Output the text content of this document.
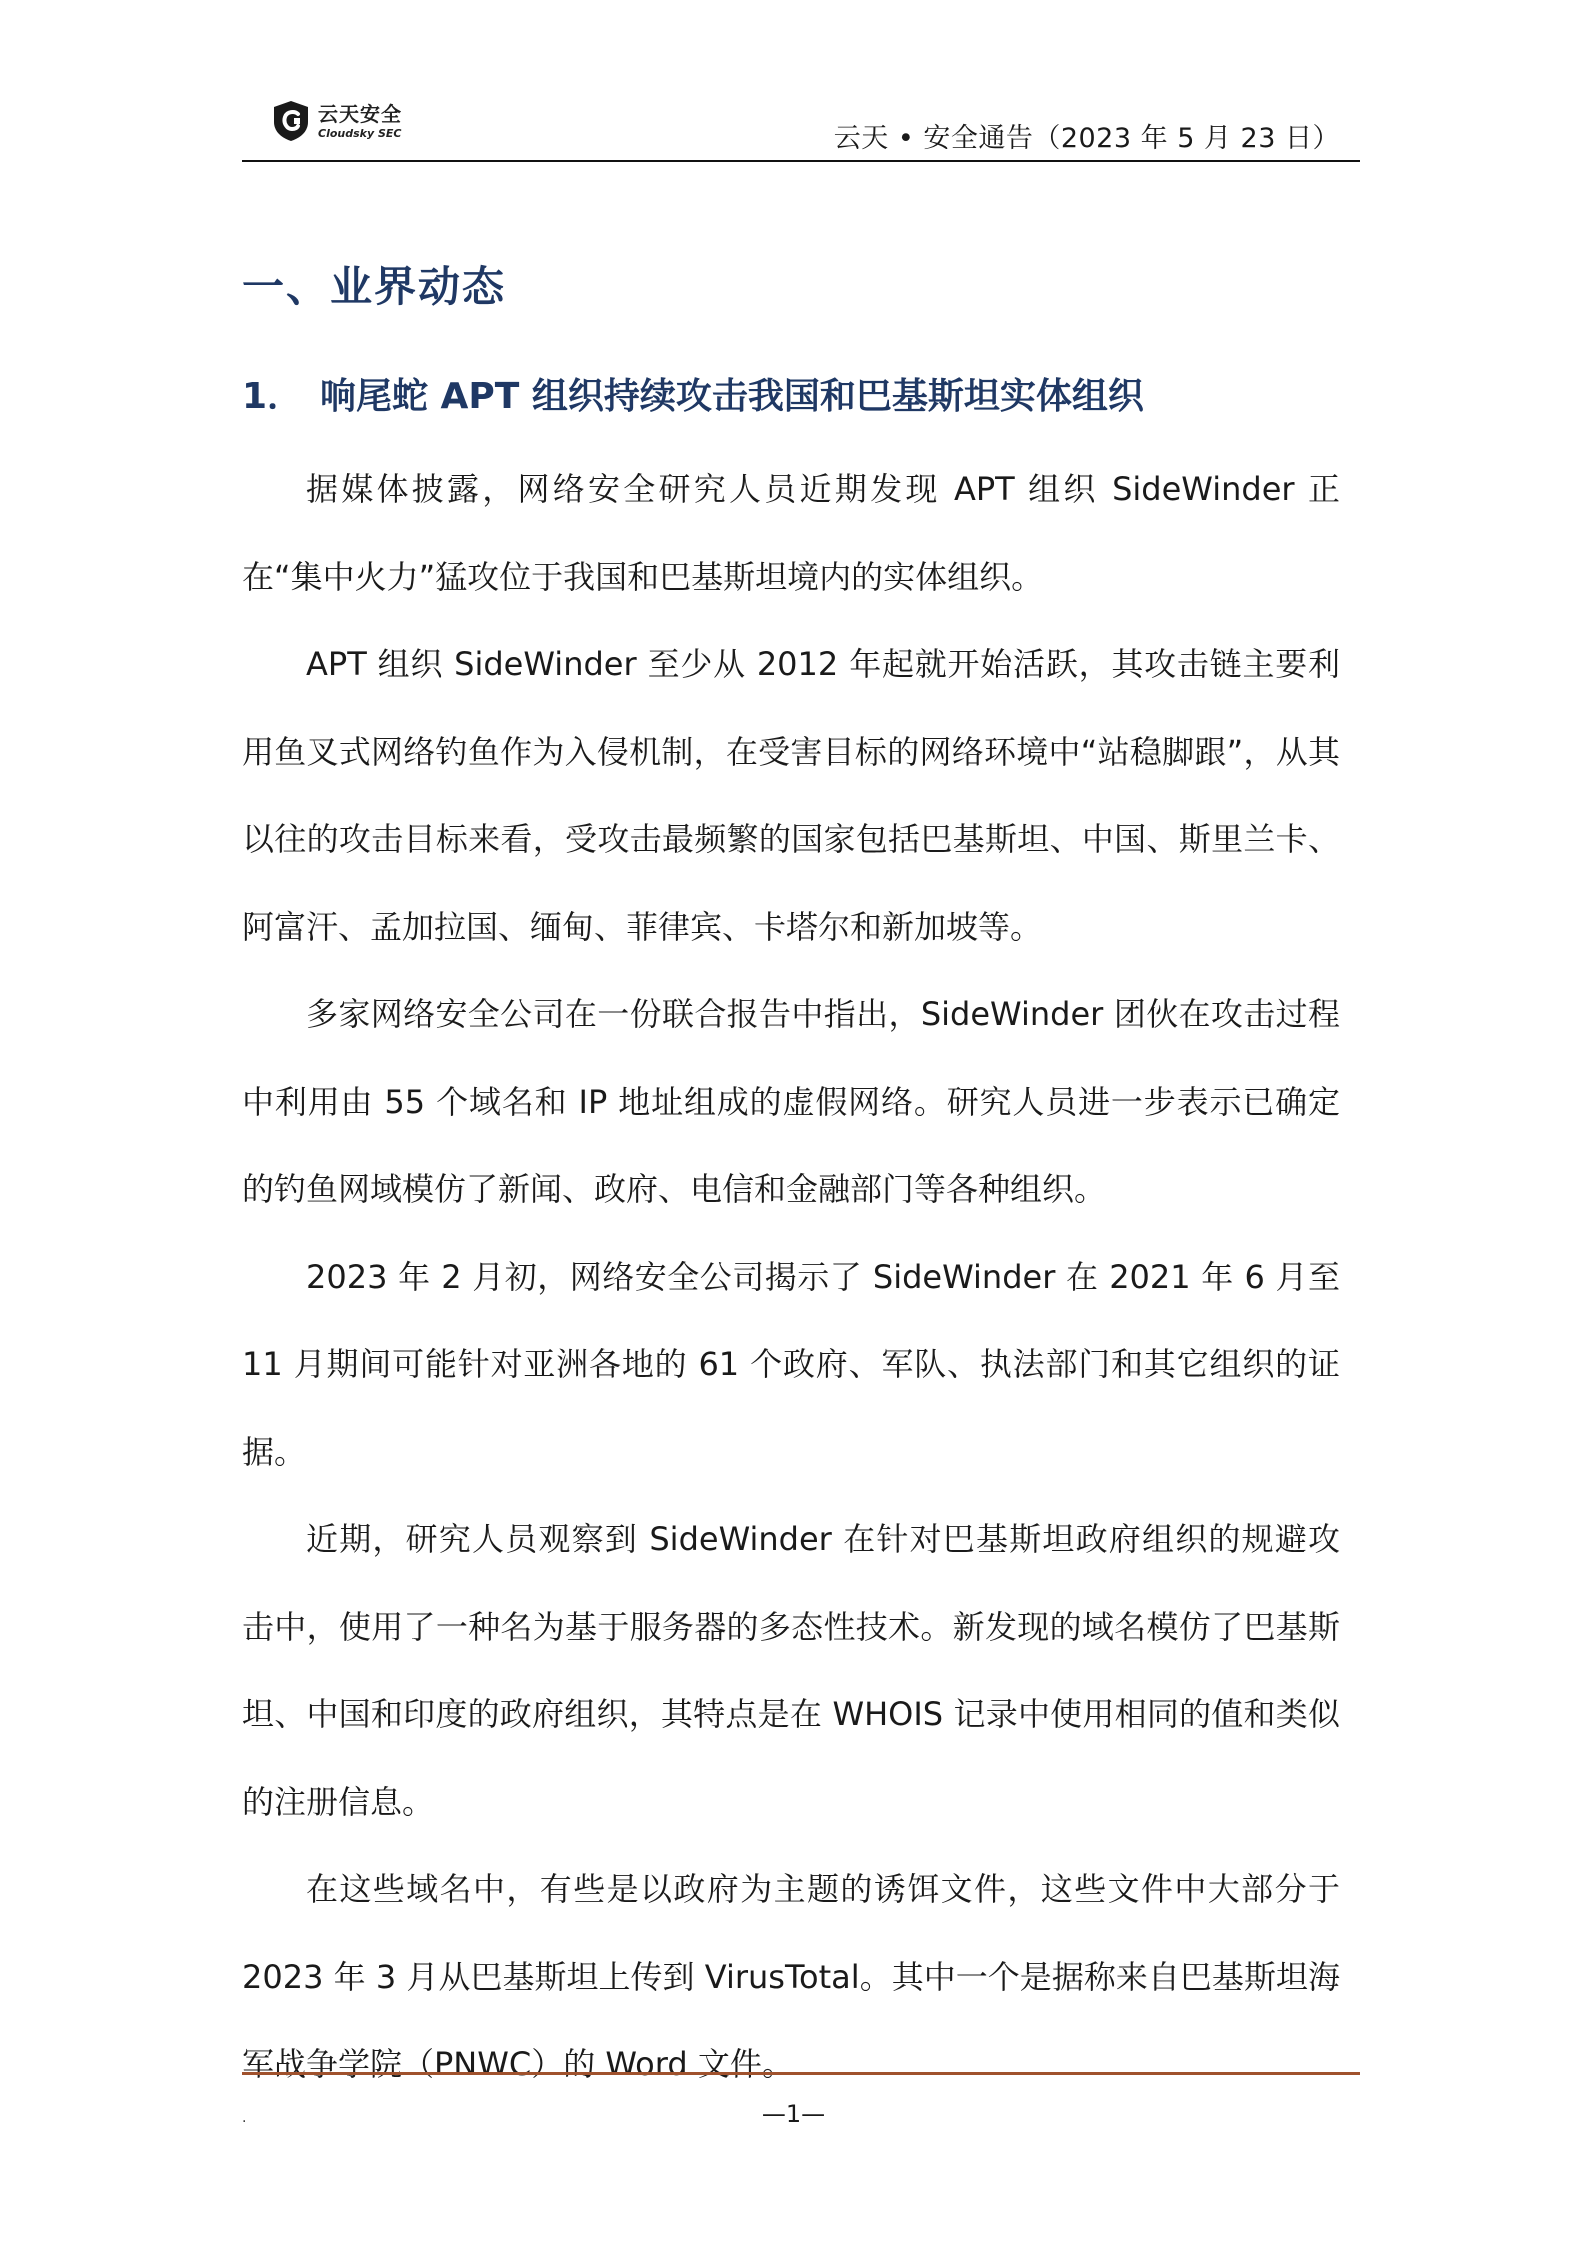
云天安全
Cloudsky SEC	云天 • 安全通告（2023 年 5 月 23 日）
一、业界动态
1． 响尾蛇 APT 组织持续攻击我国和巴基斯坦实体组织

据媒体披露，网络安全研究人员近期发现 APT 组织 SideWinder 正在“集中火力”猛攻位于我国和巴基斯坦境内的实体组织。

APT 组织 SideWinder 至少从 2012 年起就开始活跃，其攻击链主要利用鱼叉式网络钓鱼作为入侵机制，在受害目标的网络环境中“站稳脚跟”，从其以往的攻击目标来看，受攻击最频繁的国家包括巴基斯坦、中国、斯里兰卡、阿富汗、孟加拉国、缅甸、菲律宾、卡塔尔和新加坡等。

多家网络安全公司在一份联合报告中指出，SideWinder 团伙在攻击过程中利用由 55 个域名和 IP 地址组成的虚假网络。研究人员进一步表示已确定的钓鱼网域模仿了新闻、政府、电信和金融部门等各种组织。

2023 年 2 月初，网络安全公司揭示了 SideWinder 在 2021 年 6 月至 11 月期间可能针对亚洲各地的 61 个政府、军队、执法部门和其它组织的证据。

近期，研究人员观察到 SideWinder 在针对巴基斯坦政府组织的规避攻击中，使用了一种名为基于服务器的多态性技术。新发现的域名模仿了巴基斯坦、中国和印度的政府组织，其特点是在 WHOIS 记录中使用相同的值和类似的注册信息。

在这些域名中，有些是以政府为主题的诱饵文件，这些文件中大部分于 2023 年 3 月从巴基斯坦上传到 VirusTotal。其中一个是据称来自巴基斯坦海军战争学院（PNWC）的 Word 文件。

.	—1—
